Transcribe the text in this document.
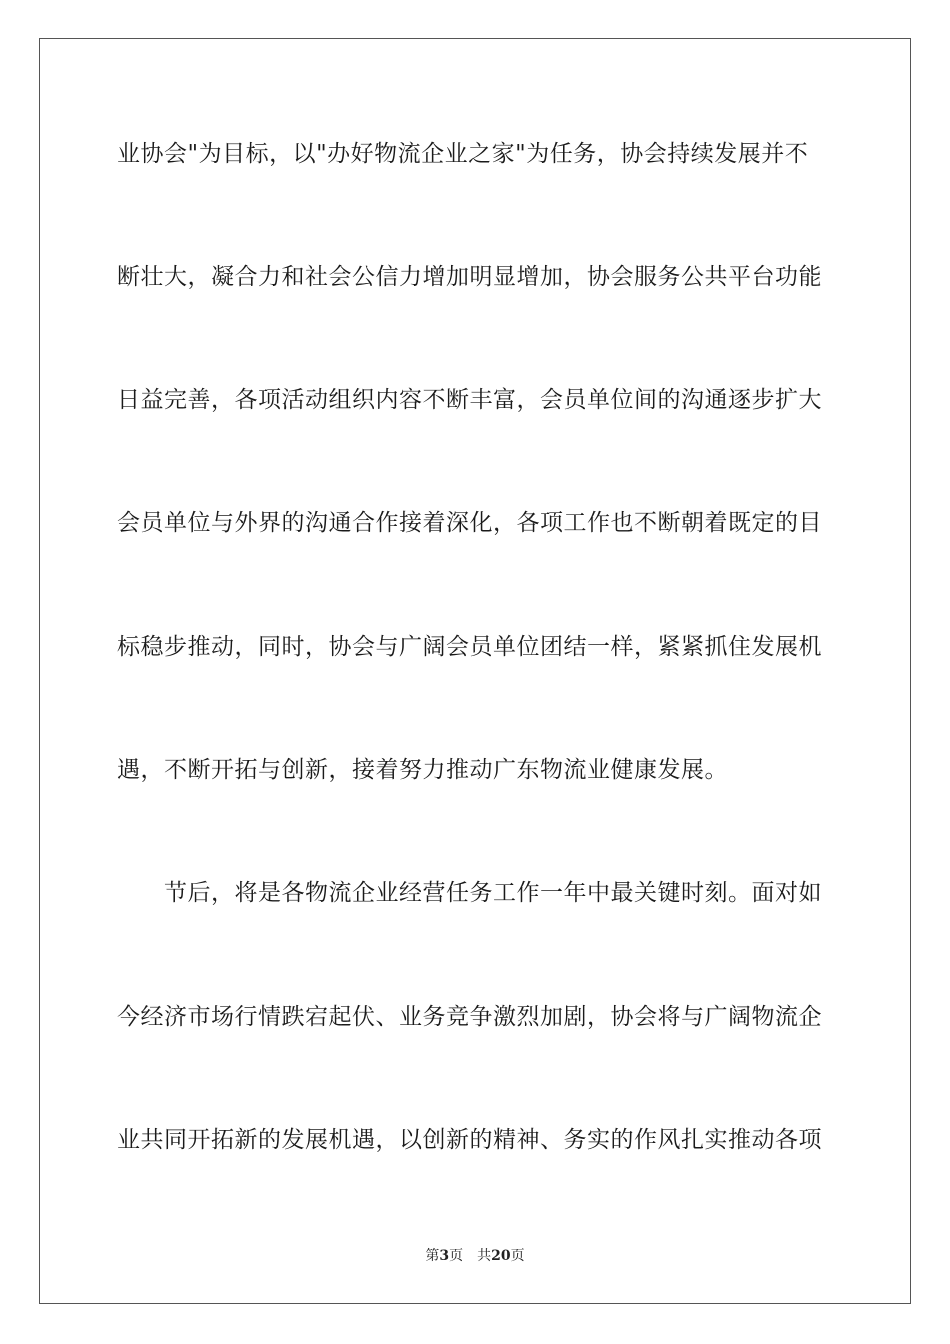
业协会"为目标，以"办好物流企业之家"为任务，协会持续发展并不
断壮大，凝合力和社会公信力增加明显增加，协会服务公共平台功能
日益完善，各项活动组织内容不断丰富，会员单位间的沟通逐步扩大
会员单位与外界的沟通合作接着深化，各项工作也不断朝着既定的目
标稳步推动，同时，协会与广阔会员单位团结一样，紧紧抓住发展机
遇，不断开拓与创新，接着努力推动广东物流业健康发展。
　　节后，将是各物流企业经营任务工作一年中最关键时刻。面对如
今经济市场行情跌宕起伏、业务竞争激烈加剧，协会将与广阔物流企
业共同开拓新的发展机遇，以创新的精神、务实的作风扎实推动各项
第3页　 共20页
